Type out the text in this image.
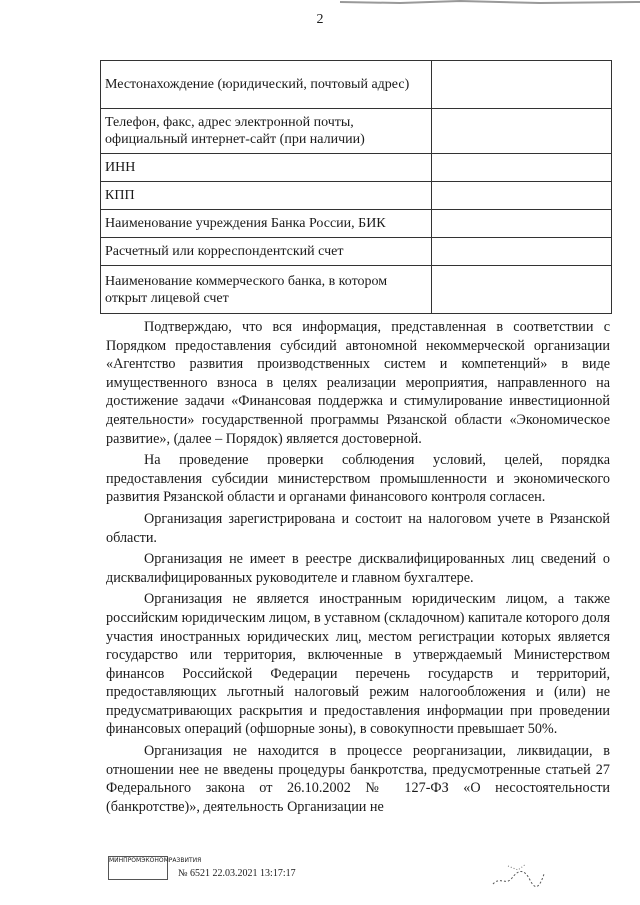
2
Местонахождение (юридический, почтовый адрес)	
Телефон, факс, адрес электронной почты, официальный интернет-сайт (при наличии)	
ИНН	
КПП	
Наименование учреждения Банка России, БИК	
Расчетный или корреспондентский счет	
Наименование коммерческого банка, в котором открыт лицевой счет	

Подтверждаю, что вся информация, представленная в соответствии с Порядком предоставления субсидий автономной некоммерческой организации «Агентство развития производственных систем и компетенций» в виде имущественного взноса в целях реализации мероприятия, направленного на достижение задачи «Финансовая поддержка и стимулирование инвестиционной деятельности» государственной программы Рязанской области «Экономическое развитие», (далее – Порядок) является достоверной.

На проведение проверки соблюдения условий, целей, порядка предоставления субсидии министерством промышленности и экономического развития Рязанской области и органами финансового контроля согласен.

Организация зарегистрирована и состоит на налоговом учете в Рязанской области.

Организация не имеет в реестре дисквалифицированных лиц сведений о дисквалифицированных руководителе и главном бухгалтере.

Организация не является иностранным юридическим лицом, а также российским юридическим лицом, в уставном (складочном) капитале которого доля участия иностранных юридических лиц, местом регистрации которых является государство или территория, включенные в утверждаемый Министерством финансов Российской Федерации перечень государств и территорий, предоставляющих льготный налоговый режим налогообложения и (или) не предусматривающих раскрытия и предоставления информации при проведении финансовых операций (офшорные зоны), в совокупности превышает 50%.

Организация не находится в процессе реорганизации, ликвидации, в отношении нее не введены процедуры банкротства, предусмотренные статьей 27 Федерального закона от 26.10.2002 № 127-ФЗ «О несостоятельности (банкротстве)», деятельность Организации не

МИНПРОМЭКОНОМРАЗВИТИЯ
№ 6521 22.03.2021 13:17:17
